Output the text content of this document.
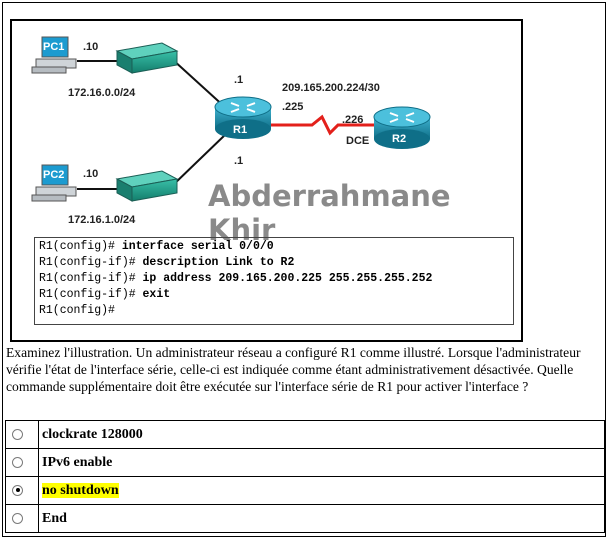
PC1
PC2
.10
.10
172.16.0.0/24
172.16.1.0/24
.1
.1
209.165.200.224/30
.225
.226
DCE
R1
R2
Abderrahmane Khir
R1(config)# interface serial 0/0/0
R1(config-if)# description Link to R2
R1(config-if)# ip address 209.165.200.225 255.255.255.252
R1(config-if)# exit
R1(config)#
Examinez l'illustration. Un administrateur réseau a configuré R1 comme illustré. Lorsque l'administrateur vérifie l'état de l'interface série, celle-ci est indiquée comme étant administrativement désactivée. Quelle commande supplémentaire doit être exécutée sur l'interface série de R1 pour activer l'interface ?
	clockrate 128000
	IPv6 enable
	no shutdown
	End
